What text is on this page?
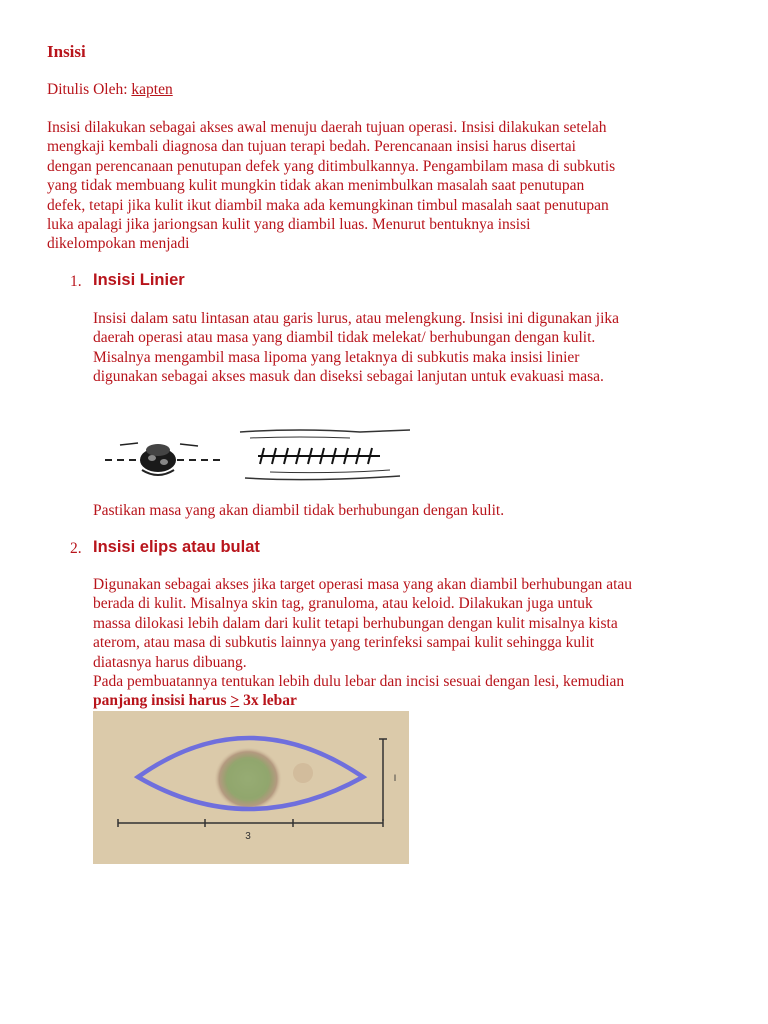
Insisi

Ditulis Oleh: kapten

Insisi dilakukan sebagai akses awal menuju daerah tujuan operasi. Insisi dilakukan setelah

mengkaji kembali diagnosa dan tujuan terapi bedah. Perencanaan insisi harus disertai

dengan perencanaan penutupan defek yang ditimbulkannya. Pengambilam masa di subkutis

yang tidak membuang kulit mungkin tidak akan menimbulkan masalah saat penutupan

defek, tetapi jika kulit ikut diambil maka ada kemungkinan timbul masalah saat penutupan

luka apalagi jika jariongsan kulit yang diambil luas. Menurut bentuknya insisi

dikelompokan menjadi

1. Insisi Linier

Insisi dalam satu lintasan atau garis lurus, atau melengkung. Insisi ini digunakan jika

daerah operasi atau masa yang diambil tidak melekat/ berhubungan dengan kulit.

Misalnya mengambil masa lipoma yang letaknya di subkutis maka insisi linier

digunakan sebagai akses masuk dan diseksi sebagai lanjutan untuk evakuasi masa.

Pastikan masa yang akan diambil tidak berhubungan dengan kulit.

2. Insisi elips atau bulat

Digunakan sebagai akses jika target operasi masa yang akan diambil berhubungan atau

berada di kulit. Misalnya skin tag, granuloma, atau keloid. Dilakukan juga untuk

massa dilokasi lebih dalam dari kulit tetapi berhubungan dengan kulit misalnya kista

aterom, atau masa di subkutis lainnya yang terinfeksi sampai kulit sehingga kulit

diatasnya harus dibuang.

Pada pembuatannya tentukan lebih dulu lebar dan incisi sesuai dengan lesi, kemudian

panjang insisi harus ≥ 3x lebar

3
I
